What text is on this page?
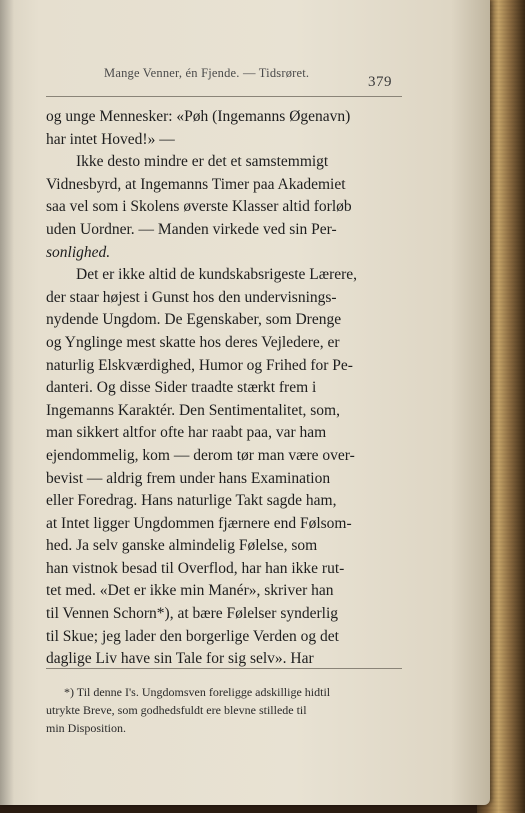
Mange Venner, én Fjende. — Tidsrøret.
379
og unge Mennesker: «Pøh (Ingemanns Øgenavn)
har intet Hoved!» —
Ikke desto mindre er det et samstemmigt
Vidnesbyrd, at Ingemanns Timer paa Akademiet
saa vel som i Skolens øverste Klasser altid forløb
uden Uordner. — Manden virkede ved sin Per-
sonlighed.
Det er ikke altid de kundskabsrigeste Lærere,
der staar højest i Gunst hos den undervisnings-
nydende Ungdom. De Egenskaber, som Drenge
og Ynglinge mest skatte hos deres Vejledere, er
naturlig Elskværdighed, Humor og Frihed for Pe-
danteri. Og disse Sider traadte stærkt frem i
Ingemanns Karaktér. Den Sentimentalitet, som,
man sikkert altfor ofte har raabt paa, var ham
ejendommelig, kom — derom tør man være over-
bevist — aldrig frem under hans Examination
eller Foredrag. Hans naturlige Takt sagde ham,
at Intet ligger Ungdommen fjærnere end Følsom-
hed. Ja selv ganske almindelig Følelse, som
han vistnok besad til Overflod, har han ikke rut-
tet med. «Det er ikke min Manér», skriver han
til Vennen Schorn*), at bære Følelser synderlig
til Skue; jeg lader den borgerlige Verden og det
daglige Liv have sin Tale for sig selv». Har
*) Til denne I's. Ungdomsven foreligge adskillige hidtil
utrykte Breve, som godhedsfuldt ere blevne stillede til
min Disposition.
